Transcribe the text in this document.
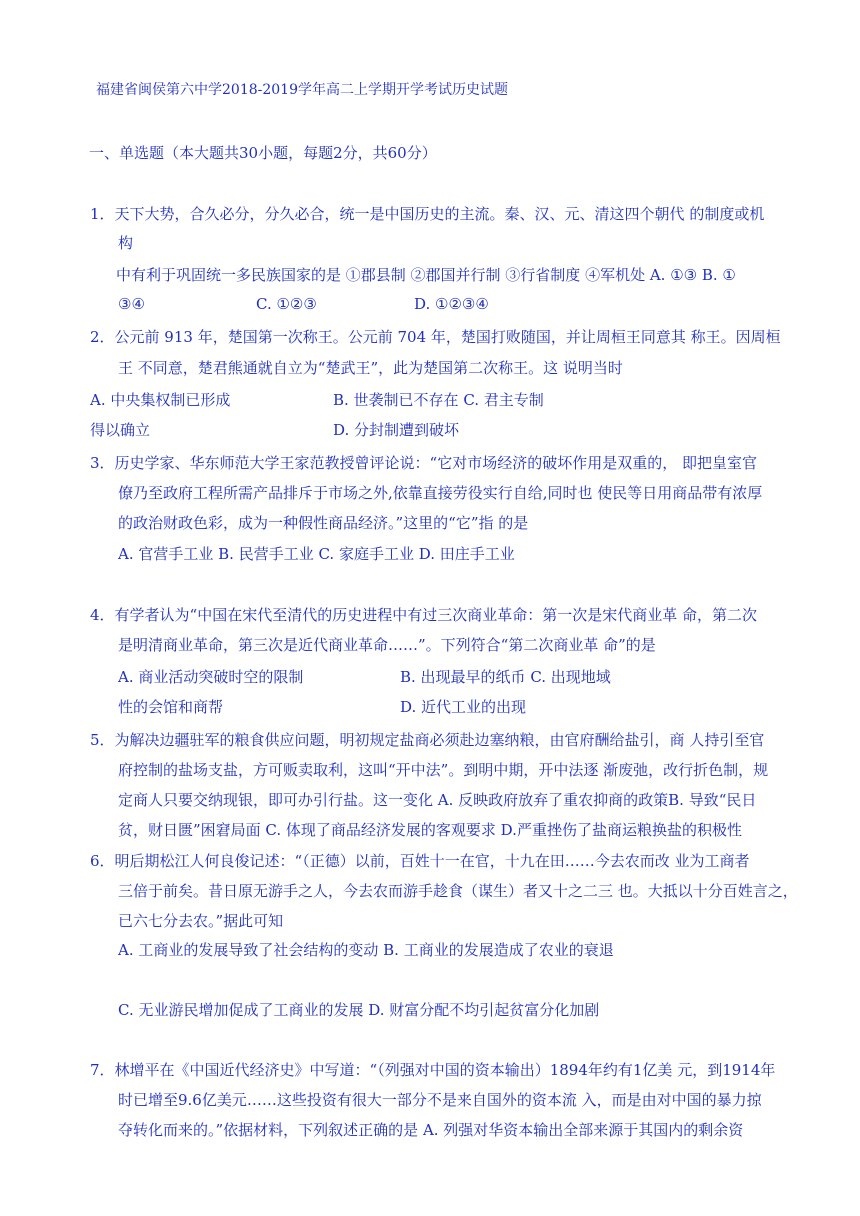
福建省闽侯第六中学2018-2019学年高二上学期开学考试历史试题
一、单选题（本大题共30小题，每题2分，共60分）
1．天下大势，合久必分，分久必合，统一是中国历史的主流。秦、汉、元、清这四个朝代 的制度或机
构
中有利于巩固统一多民族国家的是 ①郡县制 ②郡国并行制 ③行省制度 ④军机处 A. ①③ B. ①
③④	C. ①②③	D. ①②③④
2．公元前 913 年，楚国第一次称王。公元前 704 年，楚国打败随国，并让周桓王同意其 称王。因周桓
王 不同意，楚君熊通就自立为“楚武王”，此为楚国第二次称王。这 说明当时
A. 中央集权制已形成	B. 世袭制已不存在 C. 君主专制
得以确立	D. 分封制遭到破坏
3．历史学家、华东师范大学王家范教授曾评论说：“它对市场经济的破坏作用是双重的， 即把皇室官
僚乃至政府工程所需产品排斥于市场之外,依靠直接劳役实行自给,同时也 使民等日用商品带有浓厚
的政治财政色彩，成为一种假性商品经济。”这里的“它”指 的是
A. 官营手工业 B. 民营手工业 C. 家庭手工业 D. 田庄手工业
4．有学者认为“中国在宋代至清代的历史进程中有过三次商业革命：第一次是宋代商业革 命，第二次
是明清商业革命，第三次是近代商业革命……”。下列符合“第二次商业革 命”的是
A. 商业活动突破时空的限制	B. 出现最早的纸币 C. 出现地域
性的会馆和商帮	D. 近代工业的出现
5．为解决边疆驻军的粮食供应问题，明初规定盐商必须赴边塞纳粮，由官府酬给盐引，商 人持引至官
府控制的盐场支盐，方可贩卖取利，这叫“开中法”。到明中期，开中法逐 渐废弛，改行折色制，规
定商人只要交纳现银，即可办引行盐。这一变化 A. 反映政府放弃了重农抑商的政策B. 导致“民日
贫，财日匮”困窘局面 C. 体现了商品经济发展的客观要求 D.严重挫伤了盐商运粮换盐的积极性
6．明后期松江人何良俊记述：“（正德）以前，百姓十一在官，十九在田……今去农而改 业为工商者
三倍于前矣。昔日原无游手之人，今去农而游手趁食（谋生）者又十之二三 也。大抵以十分百姓言之，
已六七分去农。”据此可知
A. 工商业的发展导致了社会结构的变动 B. 工商业的发展造成了农业的衰退
C. 无业游民增加促成了工商业的发展 D. 财富分配不均引起贫富分化加剧
7．林增平在《中国近代经济史》中写道：“（列强对中国的资本输出）1894年约有1亿美 元，到1914年
时已增至9.6亿美元……这些投资有很大一部分不是来自国外的资本流 入，而是由对中国的暴力掠
夺转化而来的。”依据材料，下列叙述正确的是 A. 列强对华资本输出全部来源于其国内的剩余资
